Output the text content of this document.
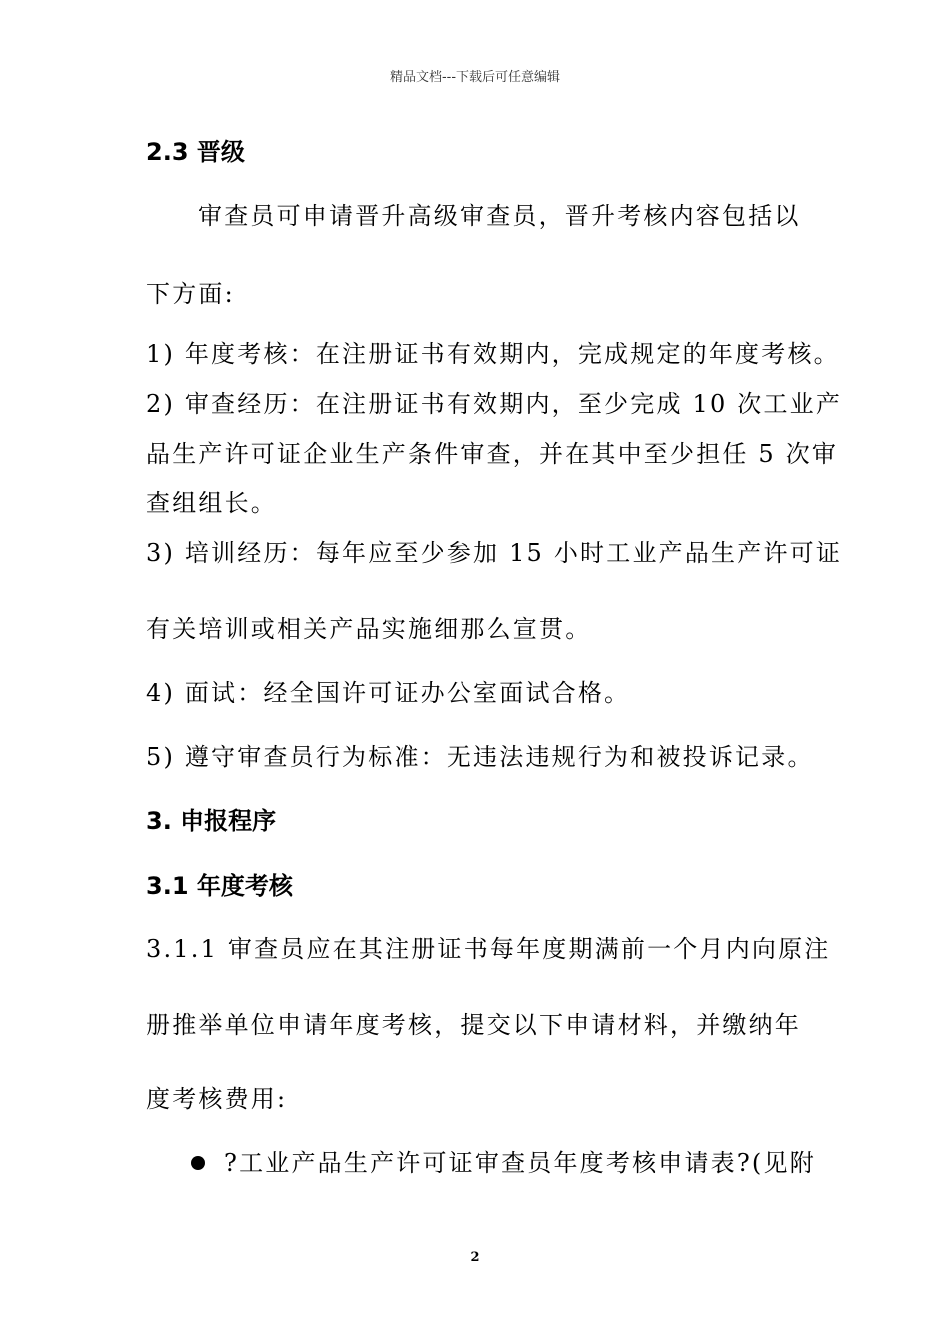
精品文档---下载后可任意编辑
2.3 晋级
审查员可申请晋升高级审查员，晋升考核内容包括以
下方面:
1) 年度考核：在注册证书有效期内，完成规定的年度考核。
2) 审查经历：在注册证书有效期内，至少完成 10 次工业产
品生产许可证企业生产条件审查，并在其中至少担任 5 次审
查组组长。
3) 培训经历：每年应至少参加 15 小时工业产品生产许可证
有关培训或相关产品实施细那么宣贯。
4) 面试：经全国许可证办公室面试合格。
5) 遵守审查员行为标准：无违法违规行为和被投诉记录。
3. 申报程序
3.1 年度考核
3.1.1 审查员应在其注册证书每年度期满前一个月内向原注
册推举单位申请年度考核，提交以下申请材料，并缴纳年
度考核费用:
?工业产品生产许可证审查员年度考核申请表?(见附
2
